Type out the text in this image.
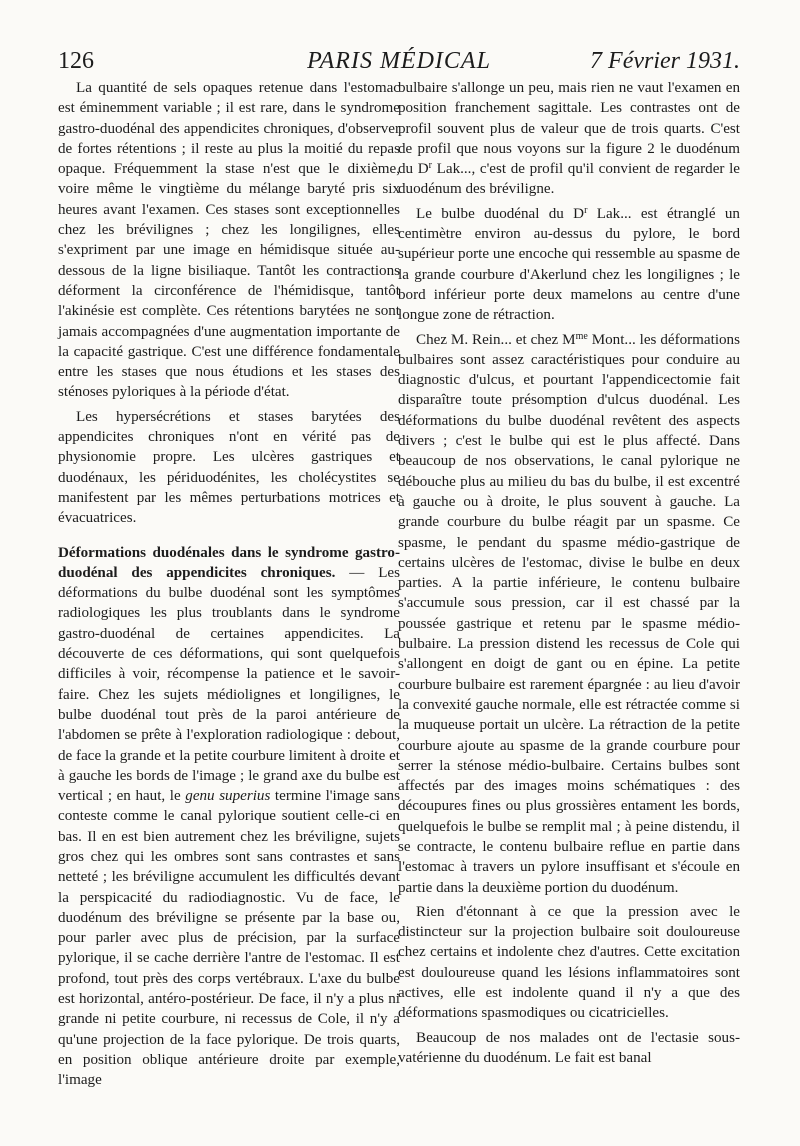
126	PARIS MÉDICAL	7 Février 1931.

La quantité de sels opaques retenue dans l'estomac est éminemment variable ; il est rare, dans le syndrome gastro-duodénal des appendicites chroniques, d'observer de fortes rétentions ; il reste au plus la moitié du repas opaque. Fréquemment la stase n'est que le dixième, voire même le vingtième du mélange baryté pris six heures avant l'examen. Ces stases sont exceptionnelles chez les brévilignes ; chez les longilignes, elles s'expriment par une image en hémidisque située au-dessous de la ligne bisiliaque. Tantôt les contractions déforment la circonférence de l'hémidisque, tantôt l'akinésie est complète. Ces rétentions barytées ne sont jamais accompagnées d'une augmentation importante de la capacité gastrique. C'est une différence fondamentale entre les stases que nous étudions et les stases des sténoses pyloriques à la période d'état.

Les hypersécrétions et stases barytées des appendicites chroniques n'ont en vérité pas de physionomie propre. Les ulcères gastriques et duodénaux, les périduodénites, les cholécystites se manifestent par les mêmes perturbations motrices et évacuatrices.

Déformations duodénales dans le syndrome gastro-duodénal des appendicites chroniques. — Les déformations du bulbe duodénal sont les symptômes radiologiques les plus troublants dans le syndrome gastro-duodénal de certaines appendicites. La découverte de ces déformations, qui sont quelquefois difficiles à voir, récompense la patience et le savoir-faire. Chez les sujets médiolignes et longilignes, le bulbe duodénal tout près de la paroi antérieure de l'abdomen se prête à l'exploration radiologique : debout, de face la grande et la petite courbure limitent à droite et à gauche les bords de l'image ; le grand axe du bulbe est vertical ; en haut, le genu superius termine l'image sans conteste comme le canal pylorique soutient celle-ci en bas. Il en est bien autrement chez les bréviligne, sujets gros chez qui les ombres sont sans contrastes et sans netteté ; les bréviligne accumulent les difficultés devant la perspicacité du radiodiagnostic. Vu de face, le duodénum des bréviligne se présente par la base ou, pour parler avec plus de précision, par la surface pylorique, il se cache derrière l'antre de l'estomac. Il est profond, tout près des corps vertébraux. L'axe du bulbe est horizontal, antéro-postérieur. De face, il n'y a plus ni grande ni petite courbure, ni recessus de Cole, il n'y a qu'une projection de la face pylorique. De trois quarts, en position oblique antérieure droite par exemple, l'image

bulbaire s'allonge un peu, mais rien ne vaut l'examen en position franchement sagittale. Les contrastes ont de profil souvent plus de valeur que de trois quarts. C'est de profil que nous voyons sur la figure 2 le duodénum du $D^r$ Lak..., c'est de profil qu'il convient de regarder le duodénum des bréviligne.

Le bulbe duodénal du $D^r$ Lak... est étranglé un centimètre environ au-dessus du pylore, le bord supérieur porte une encoche qui ressemble au spasme de la grande courbure d'Akerlund chez les longilignes ; le bord inférieur porte deux mamelons au centre d'une longue zone de rétraction.

Chez M. Rein... et chez $M^{me}$ Mont... les déformations bulbaires sont assez caractéristiques pour conduire au diagnostic d'ulcus, et pourtant l'appendicectomie fait disparaître toute présomption d'ulcus duodénal. Les déformations du bulbe duodénal revêtent des aspects divers ; c'est le bulbe qui est le plus affecté. Dans beaucoup de nos observations, le canal pylorique ne débouche plus au milieu du bas du bulbe, il est excentré à gauche ou à droite, le plus souvent à gauche. La grande courbure du bulbe réagit par un spasme. Ce spasme, le pendant du spasme médio-gastrique de certains ulcères de l'estomac, divise le bulbe en deux parties. A la partie inférieure, le contenu bulbaire s'accumule sous pression, car il est chassé par la poussée gastrique et retenu par le spasme médio-bulbaire. La pression distend les recessus de Cole qui s'allongent en doigt de gant ou en épine. La petite courbure bulbaire est rarement épargnée : au lieu d'avoir la convexité gauche normale, elle est rétractée comme si la muqueuse portait un ulcère. La rétraction de la petite courbure ajoute au spasme de la grande courbure pour serrer la sténose médio-bulbaire. Certains bulbes sont affectés par des images moins schématiques : des découpures fines ou plus grossières entament les bords, quelquefois le bulbe se remplit mal ; à peine distendu, il se contracte, le contenu bulbaire reflue en partie dans l'estomac à travers un pylore insuffisant et s'écoule en partie dans la deuxième portion du duodénum.

Rien d'étonnant à ce que la pression avec le distincteur sur la projection bulbaire soit douloureuse chez certains et indolente chez d'autres. Cette excitation est douloureuse quand les lésions inflammatoires sont actives, elle est indolente quand il n'y a que des déformations spasmodiques ou cicatricielles.

Beaucoup de nos malades ont de l'ectasie sous-vatérienne du duodénum. Le fait est banal
